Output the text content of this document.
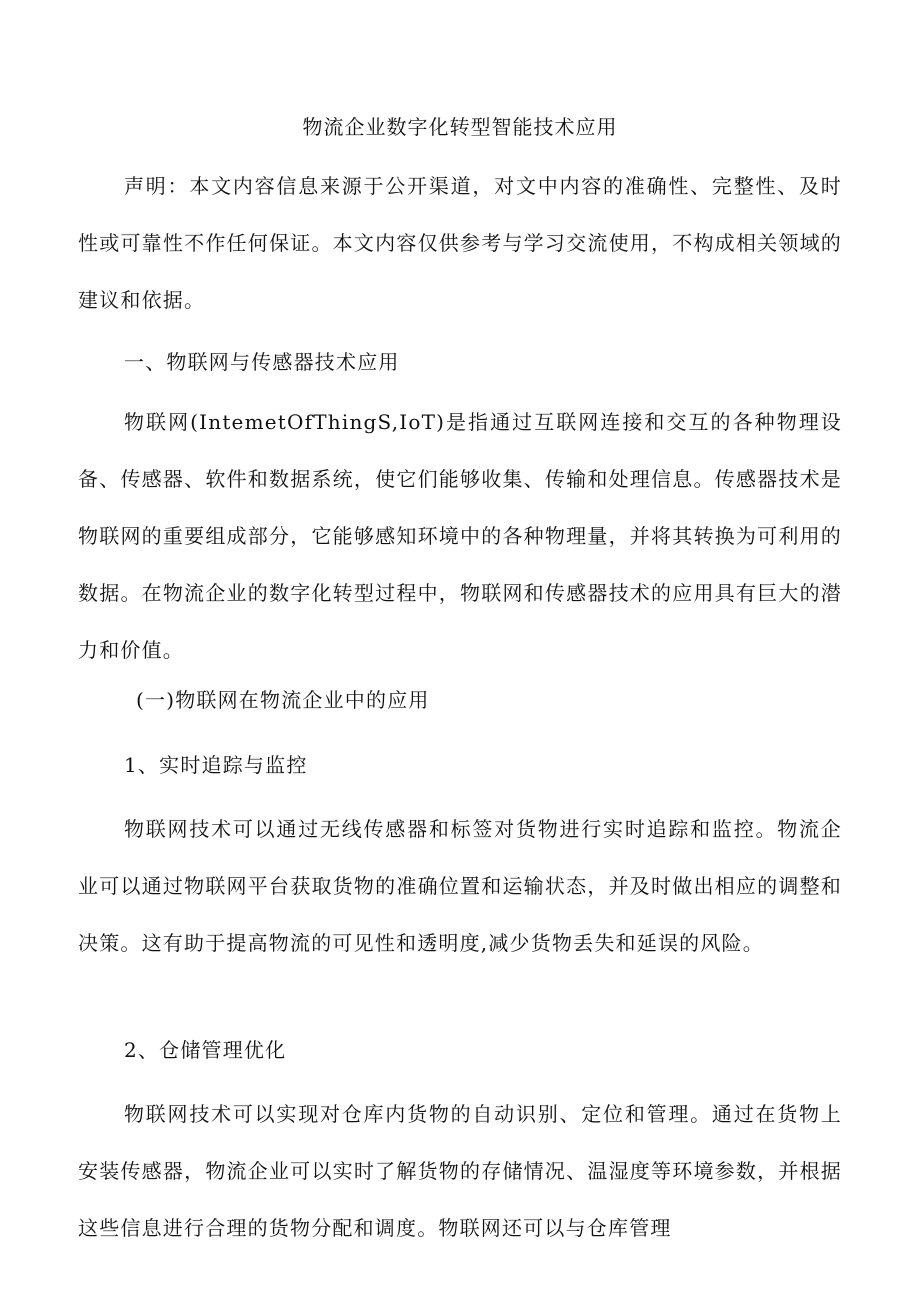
物流企业数字化转型智能技术应用

声明：本文内容信息来源于公开渠道，对文中内容的准确性、完整性、及时性或可靠性不作任何保证。本文内容仅供参考与学习交流使用，不构成相关领域的建议和依据。

一、物联网与传感器技术应用

物联网(IntemetOfThingS,IoT)是指通过互联网连接和交互的各种物理设备、传感器、软件和数据系统，使它们能够收集、传输和处理信息。传感器技术是物联网的重要组成部分，它能够感知环境中的各种物理量，并将其转换为可利用的数据。在物流企业的数字化转型过程中，物联网和传感器技术的应用具有巨大的潜力和价值。

(一)物联网在物流企业中的应用

1、实时追踪与监控

物联网技术可以通过无线传感器和标签对货物进行实时追踪和监控。物流企业可以通过物联网平台获取货物的准确位置和运输状态，并及时做出相应的调整和决策。这有助于提高物流的可见性和透明度,减少货物丢失和延误的风险。

2、仓储管理优化

物联网技术可以实现对仓库内货物的自动识别、定位和管理。通过在货物上安装传感器，物流企业可以实时了解货物的存储情况、温湿度等环境参数，并根据这些信息进行合理的货物分配和调度。物联网还可以与仓库管理
